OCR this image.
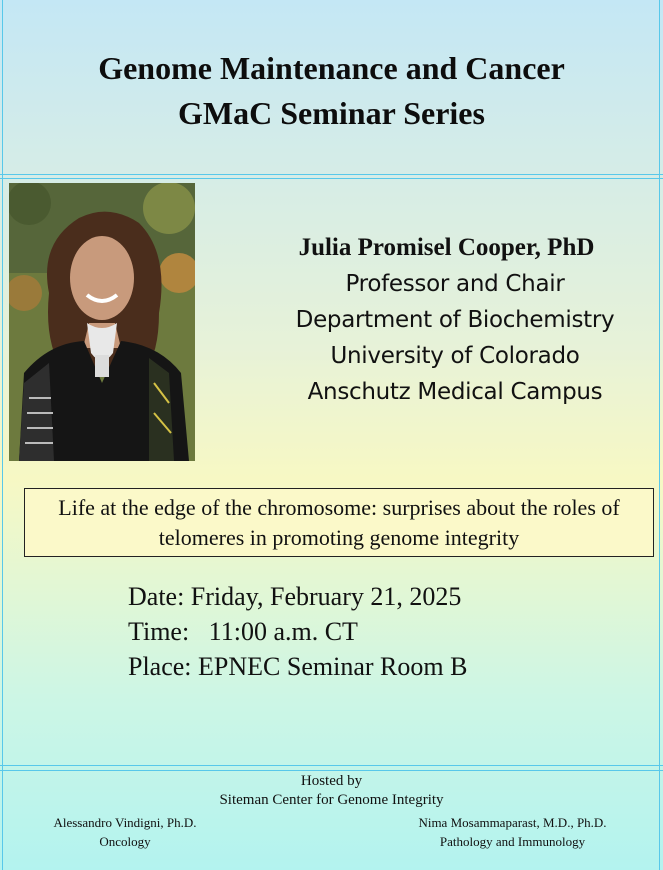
Genome Maintenance and Cancer
GMaC Seminar Series
Julia Promisel Cooper, PhD
Professor and Chair
Department of Biochemistry
University of Colorado
Anschutz Medical Campus
Life at the edge of the chromosome: surprises about the roles of telomeres in promoting genome integrity
Date: Friday, February 21, 2025
Time:   11:00 a.m. CT
Place: EPNEC Seminar Room B
Hosted by
Siteman Center for Genome Integrity
Alessandro Vindigni, Ph.D.
Oncology
Nima Mosammaparast, M.D., Ph.D.
Pathology and Immunology
